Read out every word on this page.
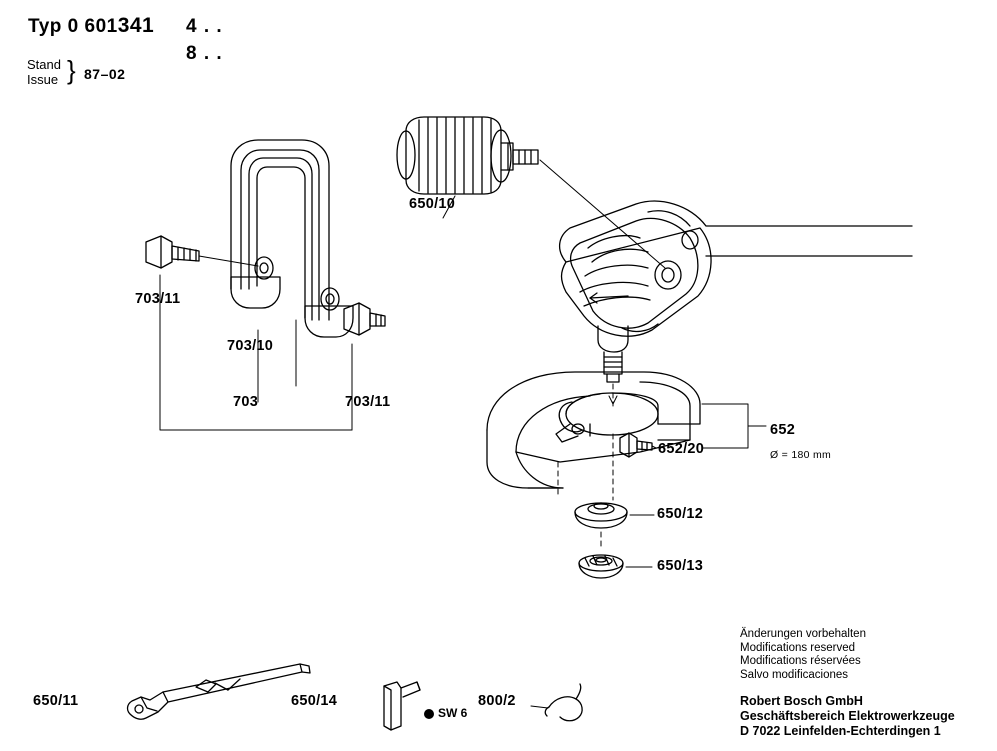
Typ 0 601341 4 . .
8 . .
Stand
Issue } 87–02
650/10
703/11
703/10
703	703/11
652
Ø = 180 mm
652/20
650/12
650/13
650/11	650/14
SW 6
800/2
Änderungen vorbehalten
Modifications reserved
Modifications réservées
Salvo modificaciones
Robert Bosch GmbH
Geschäftsbereich Elektrowerkzeuge
D 7022 Leinfelden-Echterdingen 1
